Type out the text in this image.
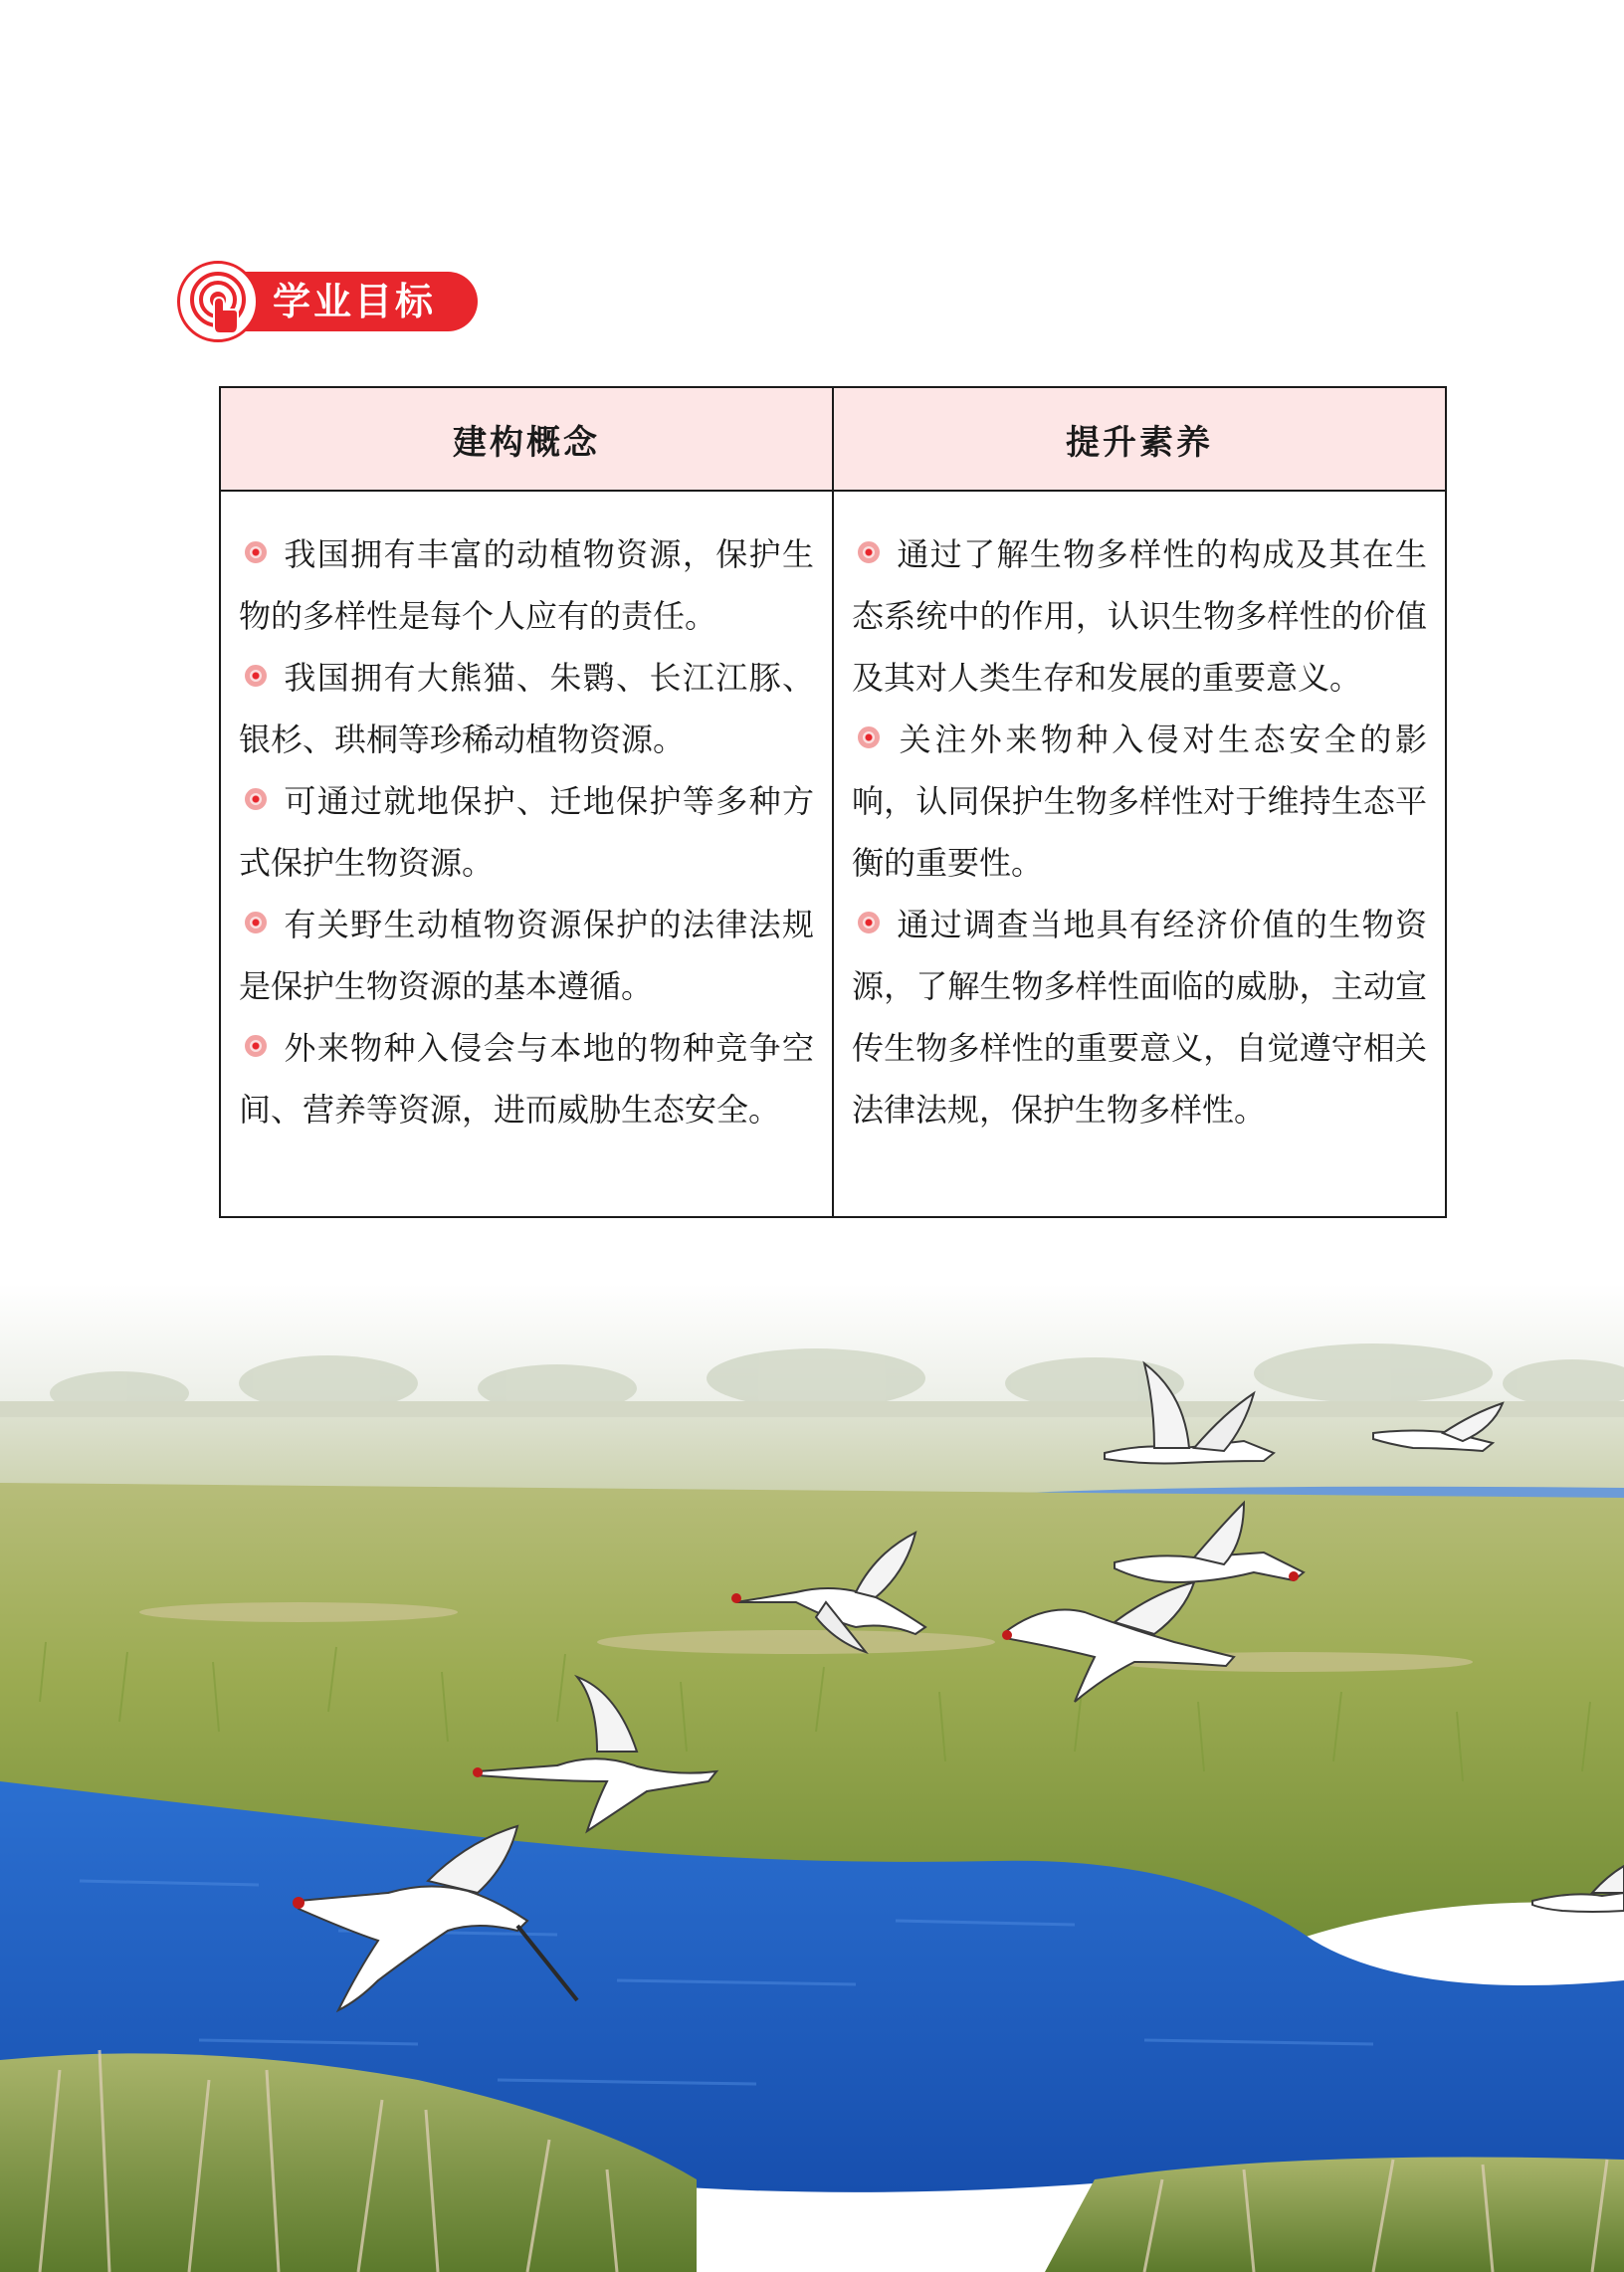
学业目标
建构概念	提升素养

我国拥有丰富的动植物资源，保护生物的多样性是每个人应有的责任。

我国拥有大熊猫、朱鹮、长江江豚、银杉、珙桐等珍稀动植物资源。

可通过就地保护、迁地保护等多种方式保护生物资源。

有关野生动植物资源保护的法律法规是保护生物资源的基本遵循。

外来物种入侵会与本地的物种竞争空间、营养等资源，进而威胁生态安全。

通过了解生物多样性的构成及其在生态系统中的作用，认识生物多样性的价值及其对人类生存和发展的重要意义。

关注外来物种入侵对生态安全的影响，认同保护生物多样性对于维持生态平衡的重要性。

通过调查当地具有经济价值的生物资源，了解生物多样性面临的威胁，主动宣传生物多样性的重要意义，自觉遵守相关法律法规，保护生物多样性。
